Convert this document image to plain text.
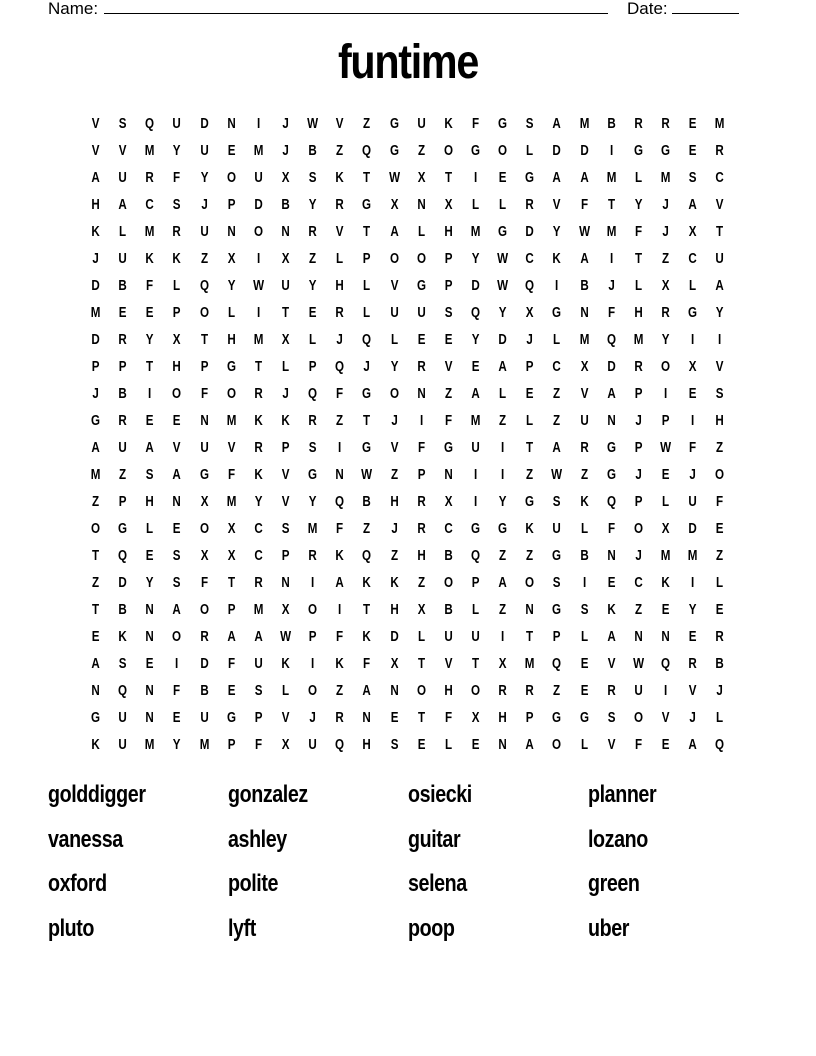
Name:	Date:
funtime
V	S	Q	U	D	N	I	J	W	V	Z	G	U	K	F	G	S	A	M	B	R	R	E	M
V	V	M	Y	U	E	M	J	B	Z	Q	G	Z	O	G	O	L	D	D	I	G	G	E	R
A	U	R	F	Y	O	U	X	S	K	T	W	X	T	I	E	G	A	A	M	L	M	S	C
H	A	C	S	J	P	D	B	Y	R	G	X	N	X	L	L	R	V	F	T	Y	J	A	V
K	L	M	R	U	N	O	N	R	V	T	A	L	H	M	G	D	Y	W	M	F	J	X	T
J	U	K	K	Z	X	I	X	Z	L	P	O	O	P	Y	W	C	K	A	I	T	Z	C	U
D	B	F	L	Q	Y	W	U	Y	H	L	V	G	P	D	W	Q	I	B	J	L	X	L	A
M	E	E	P	O	L	I	T	E	R	L	U	U	S	Q	Y	X	G	N	F	H	R	G	Y
D	R	Y	X	T	H	M	X	L	J	Q	L	E	E	Y	D	J	L	M	Q	M	Y	I	I
P	P	T	H	P	G	T	L	P	Q	J	Y	R	V	E	A	P	C	X	D	R	O	X	V
J	B	I	O	F	O	R	J	Q	F	G	O	N	Z	A	L	E	Z	V	A	P	I	E	S
G	R	E	E	N	M	K	K	R	Z	T	J	I	F	M	Z	L	Z	U	N	J	P	I	H
A	U	A	V	U	V	R	P	S	I	G	V	F	G	U	I	T	A	R	G	P	W	F	Z
M	Z	S	A	G	F	K	V	G	N	W	Z	P	N	I	I	Z	W	Z	G	J	E	J	O
Z	P	H	N	X	M	Y	V	Y	Q	B	H	R	X	I	Y	G	S	K	Q	P	L	U	F
O	G	L	E	O	X	C	S	M	F	Z	J	R	C	G	G	K	U	L	F	O	X	D	E
T	Q	E	S	X	X	C	P	R	K	Q	Z	H	B	Q	Z	Z	G	B	N	J	M	M	Z
Z	D	Y	S	F	T	R	N	I	A	K	K	Z	O	P	A	O	S	I	E	C	K	I	L
T	B	N	A	O	P	M	X	O	I	T	H	X	B	L	Z	N	G	S	K	Z	E	Y	E
E	K	N	O	R	A	A	W	P	F	K	D	L	U	U	I	T	P	L	A	N	N	E	R
A	S	E	I	D	F	U	K	I	K	F	X	T	V	T	X	M	Q	E	V	W	Q	R	B
N	Q	N	F	B	E	S	L	O	Z	A	N	O	H	O	R	R	Z	E	R	U	I	V	J
G	U	N	E	U	G	P	V	J	R	N	E	T	F	X	H	P	G	G	S	O	V	J	L
K	U	M	Y	M	P	F	X	U	Q	H	S	E	L	E	N	A	O	L	V	F	E	A	Q
golddigger	gonzalez	osiecki	planner
vanessa	ashley	guitar	lozano
oxford	polite	selena	green
pluto	lyft	poop	uber
